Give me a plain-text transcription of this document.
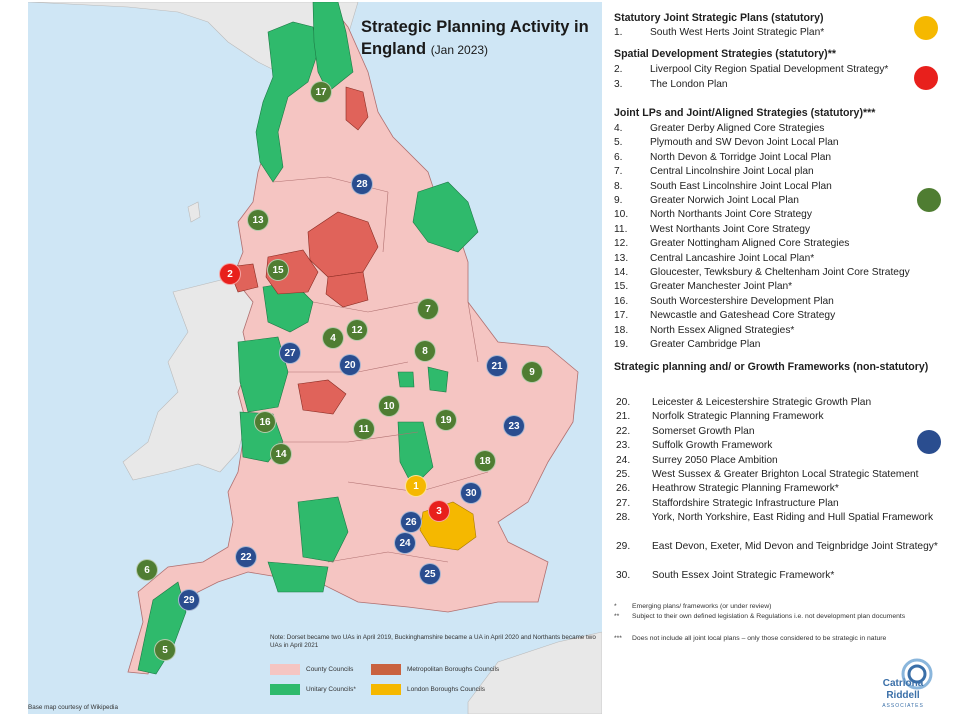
Strategic Planning Activity in England (Jan 2023)
17
28
13
2	15
7
12
4
8
27
20	21
9
10
11
19
23
16
14
18
1
30
3
26
24
22
6	25
29
5
Note: Dorset became two UAs in April 2019, Buckinghamshire became a UA in April 2020 and Northants became two UAs in April 2021
County Councils	Metropolitan Boroughs Councils
Unitary Councils*	London Boroughs Councils
Base map courtesy of Wikipedia
Statutory Joint Strategic Plans (statutory)
1.	South West Herts Joint Strategic Plan*
Spatial Development Strategies (statutory)**
2.	Liverpool City Region Spatial Development Strategy*
3.	The London Plan
Joint LPs and Joint/Aligned Strategies (statutory)***
4.	Greater Derby Aligned Core Strategies
5.	Plymouth and SW Devon Joint Local Plan
6.	North Devon & Torridge Joint Local Plan
7.	Central Lincolnshire Joint Local plan
8.	South East Lincolnshire Joint Local Plan
9.	Greater Norwich Joint Local Plan
10.	North Northants Joint Core Strategy
11.	West Northants Joint Core Strategy
12.	Greater Nottingham Aligned Core Strategies
13.	Central Lancashire Joint Local Plan*
14.	Gloucester, Tewksbury & Cheltenham Joint Core Strategy
15.	Greater Manchester Joint Plan*
16.	South Worcestershire Development Plan
17.	Newcastle and Gateshead Core Strategy
18.	North Essex Aligned Strategies*
19.	Greater Cambridge Plan
Strategic planning and/ or Growth Frameworks (non-statutory)
20.	Leicester & Leicestershire Strategic Growth Plan
21.	Norfolk Strategic Planning Framework
22.	Somerset Growth Plan
23.	Suffolk Growth Framework
24.	Surrey 2050 Place Ambition
25.	West Sussex & Greater Brighton Local Strategic Statement
26.	Heathrow Strategic Planning Framework*
27.	Staffordshire Strategic Infrastructure Plan
28.	York, North Yorkshire, East Riding and Hull Spatial Framework
29.	East Devon, Exeter, Mid Devon and Teignbridge Joint Strategy*
30.	South Essex Joint Strategic Framework*
*	Emerging plans/ frameworks (or under review)
**	Subject to their own defined legislation & Regulations i.e. not development plan documents
***	Does not include all joint local plans – only those considered to be strategic in nature
Catriona
Riddell
ASSOCIATES
